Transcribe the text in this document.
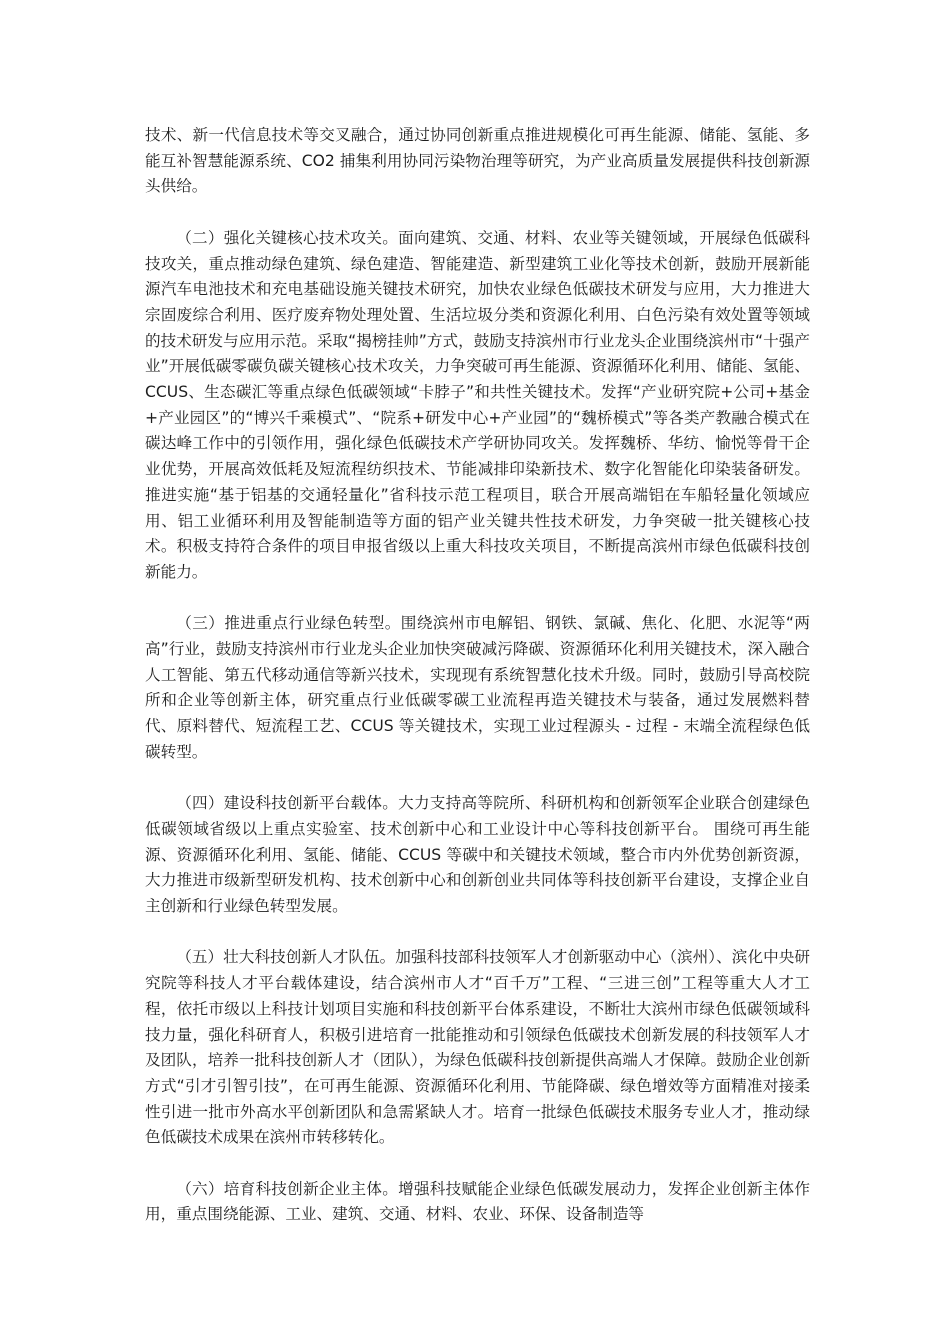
技术、新一代信息技术等交叉融合，通过协同创新重点推进规模化可再生能源、储能、氢能、多能互补智慧能源系统、CO2 捕集利用协同污染物治理等研究，为产业高质量发展提供科技创新源头供给。

（二）强化关键核心技术攻关。面向建筑、交通、材料、农业等关键领域，开展绿色低碳科技攻关，重点推动绿色建筑、绿色建造、智能建造、新型建筑工业化等技术创新，鼓励开展新能源汽车电池技术和充电基础设施关键技术研究，加快农业绿色低碳技术研发与应用，大力推进大宗固废综合利用、医疗废弃物处理处置、生活垃圾分类和资源化利用、白色污染有效处置等领域的技术研发与应用示范。采取“揭榜挂帅”方式，鼓励支持滨州市行业龙头企业围绕滨州市“十强产业”开展低碳零碳负碳关键核心技术攻关，力争突破可再生能源、资源循环化利用、储能、氢能、CCUS、生态碳汇等重点绿色低碳领域“卡脖子”和共性关键技术。发挥“产业研究院+公司+基金+产业园区”的“博兴千乘模式”、“院系+研发中心+产业园”的“魏桥模式”等各类产教融合模式在碳达峰工作中的引领作用，强化绿色低碳技术产学研协同攻关。发挥魏桥、华纺、愉悦等骨干企业优势，开展高效低耗及短流程纺织技术、节能减排印染新技术、数字化智能化印染装备研发。推进实施“基于铝基的交通轻量化”省科技示范工程项目，联合开展高端铝在车船轻量化领域应用、铝工业循环利用及智能制造等方面的铝产业关键共性技术研发，力争突破一批关键核心技术。积极支持符合条件的项目申报省级以上重大科技攻关项目，不断提高滨州市绿色低碳科技创新能力。

（三）推进重点行业绿色转型。围绕滨州市电解铝、钢铁、氯碱、焦化、化肥、水泥等“两高”行业，鼓励支持滨州市行业龙头企业加快突破减污降碳、资源循环化利用关键技术，深入融合人工智能、第五代移动通信等新兴技术，实现现有系统智慧化技术升级。同时，鼓励引导高校院所和企业等创新主体，研究重点行业低碳零碳工业流程再造关键技术与装备，通过发展燃料替代、原料替代、短流程工艺、CCUS 等关键技术，实现工业过程源头 - 过程 - 末端全流程绿色低碳转型。

（四）建设科技创新平台载体。大力支持高等院所、科研机构和创新领军企业联合创建绿色低碳领域省级以上重点实验室、技术创新中心和工业设计中心等科技创新平台。 围绕可再生能源、资源循环化利用、氢能、储能、CCUS 等碳中和关键技术领域，整合市内外优势创新资源，大力推进市级新型研发机构、技术创新中心和创新创业共同体等科技创新平台建设，支撑企业自主创新和行业绿色转型发展。

（五）壮大科技创新人才队伍。加强科技部科技领军人才创新驱动中心（滨州）、滨化中央研究院等科技人才平台载体建设，结合滨州市人才“百千万”工程、“三进三创”工程等重大人才工程，依托市级以上科技计划项目实施和科技创新平台体系建设，不断壮大滨州市绿色低碳领域科技力量，强化科研育人，积极引进培育一批能推动和引领绿色低碳技术创新发展的科技领军人才及团队，培养一批科技创新人才（团队），为绿色低碳科技创新提供高端人才保障。鼓励企业创新方式“引才引智引技”，在可再生能源、资源循环化利用、节能降碳、绿色增效等方面精准对接柔性引进一批市外高水平创新团队和急需紧缺人才。培育一批绿色低碳技术服务专业人才，推动绿色低碳技术成果在滨州市转移转化。

（六）培育科技创新企业主体。增强科技赋能企业绿色低碳发展动力，发挥企业创新主体作用，重点围绕能源、工业、建筑、交通、材料、农业、环保、设备制造等
